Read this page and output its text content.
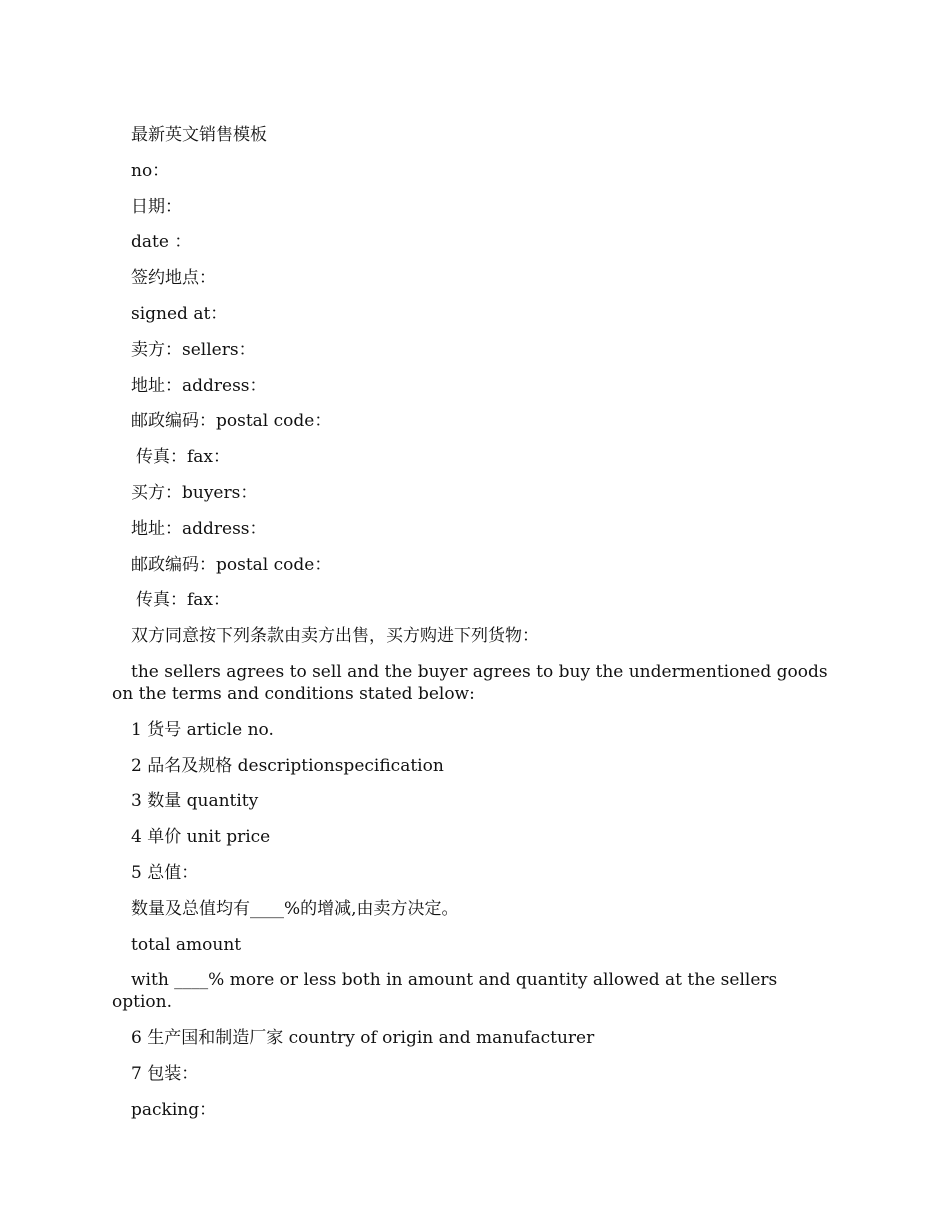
最新英文销售模板

no：

日期：

date ：

签约地点：

signed at：

卖方：sellers：

地址：address：

邮政编码：postal code：

传真：fax：

买方：buyers：

地址：address：

邮政编码：postal code：

传真：fax：

双方同意按下列条款由卖方出售，买方购进下列货物：

the sellers agrees to sell and the buyer agrees to buy the undermentioned goods on the terms and conditions stated below:

1 货号 article no.

2 品名及规格 descriptionspecification

3 数量 quantity

4 单价 unit price

5 总值：

数量及总值均有____%的增减,由卖方决定。

total amount

with ____% more or less both in amount and quantity allowed at the sellers option.

6 生产国和制造厂家 country of origin and manufacturer

7 包装：

packing：
